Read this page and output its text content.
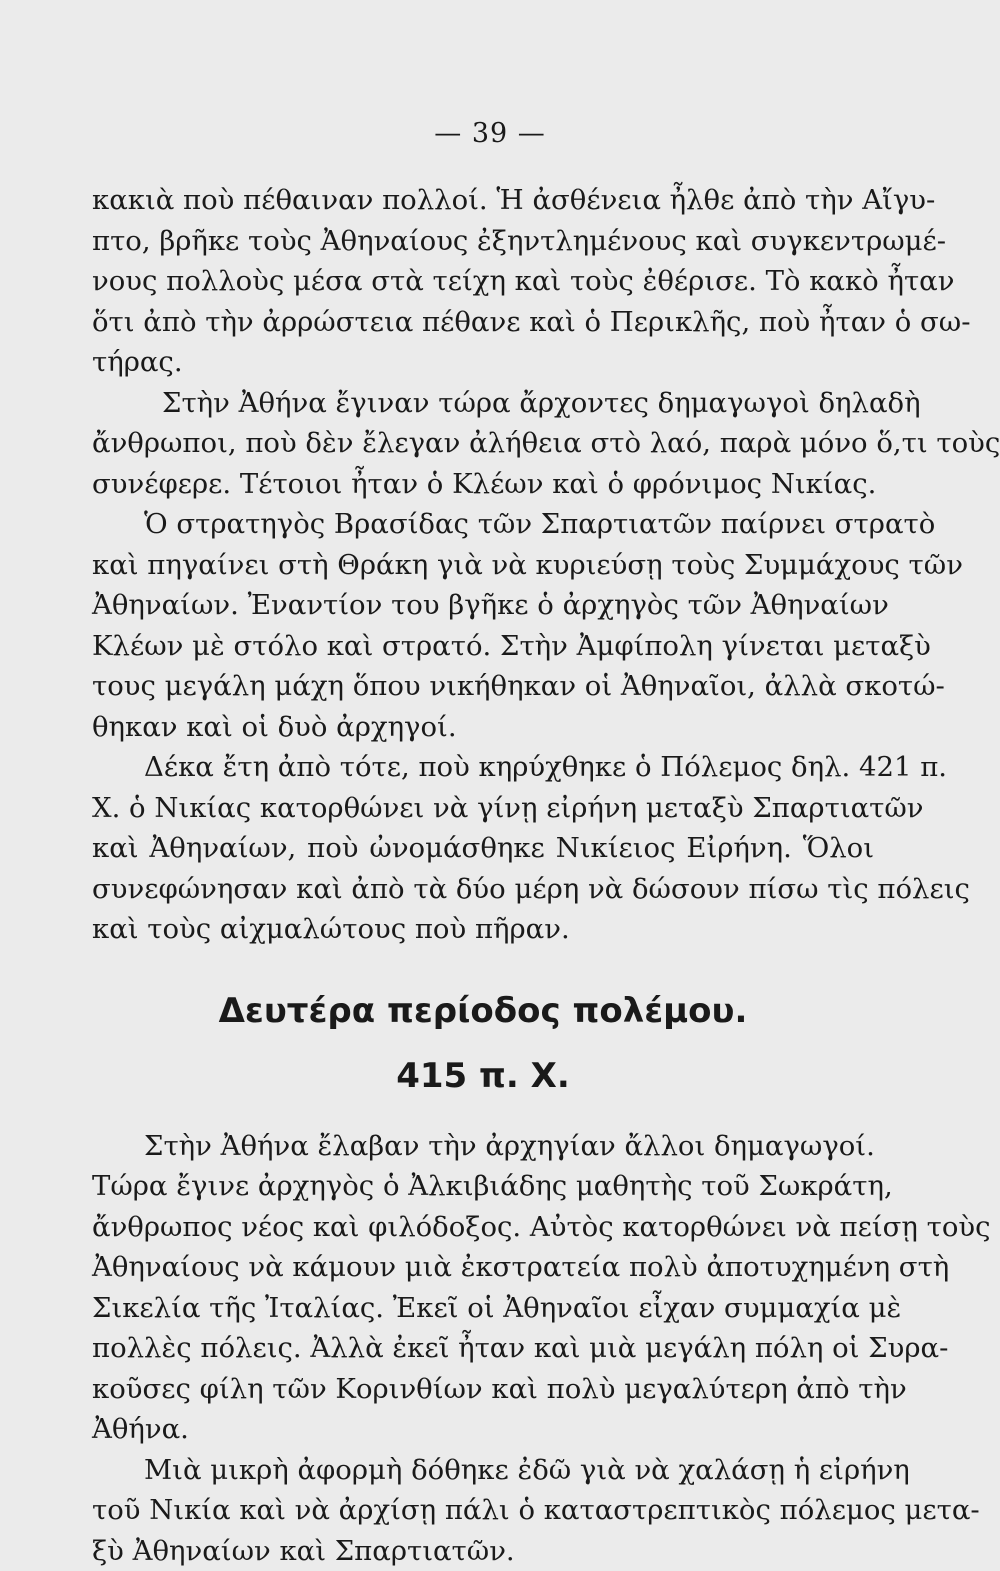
— 39 —
κακιὰ ποὺ πέθαιναν πολλοί. Ἡ ἀσθένεια ἦλθε ἀπὸ τὴν Αἴγυ-
πτο, βρῆκε τοὺς Ἀθηναίους ἐξηντλημένους καὶ συγκεντρωμέ-
νους πολλοὺς μέσα στὰ τείχη καὶ τοὺς ἐθέρισε. Τὸ κακὸ ἦταν
ὅτι ἀπὸ τὴν ἀρρώστεια πέθανε καὶ ὁ Περικλῆς, ποὺ ἦταν ὁ σω-
τήρας.
Στὴν Ἀθήνα ἔγιναν τώρα ἄρχοντες δημαγωγοὶ δηλαδὴ
ἄνθρωποι, ποὺ δὲν ἔλεγαν ἀλήθεια στὸ λαό, παρὰ μόνο ὅ,τι τοὺς
συνέφερε. Τέτοιοι ἦταν ὁ Κλέων καὶ ὁ φρόνιμος Νικίας.
Ὁ στρατηγὸς Βρασίδας τῶν Σπαρτιατῶν παίρνει στρατὸ
καὶ πηγαίνει στὴ Θράκη γιὰ νὰ κυριεύσῃ τοὺς Συμμάχους τῶν
Ἀθηναίων. Ἐναντίον του βγῆκε ὁ ἀρχηγὸς τῶν Ἀθηναίων
Κλέων μὲ στόλο καὶ στρατό. Στὴν Ἀμφίπολη γίνεται μεταξὺ
τους μεγάλη μάχη ὅπου νικήθηκαν οἱ Ἀθηναῖοι, ἀλλὰ σκοτώ-
θηκαν καὶ οἱ δυὸ ἀρχηγοί.
Δέκα ἔτη ἀπὸ τότε, ποὺ κηρύχθηκε ὁ Πόλεμος δηλ. 421 π.
Χ. ὁ Νικίας κατορθώνει νὰ γίνῃ εἰρήνη μεταξὺ Σπαρτιατῶν
καὶ Ἀθηναίων, ποὺ ὠνομάσθηκε Νικίειος Εἰρήνη. Ὅλοι
συνεφώνησαν καὶ ἀπὸ τὰ δύο μέρη νὰ δώσουν πίσω τὶς πόλεις
καὶ τοὺς αἰχμαλώτους ποὺ πῆραν.
Δευτέρα περίοδος πολέμου.
415 π. Χ.
Στὴν Ἀθήνα ἔλαβαν τὴν ἀρχηγίαν ἄλλοι δημαγωγοί.
Τώρα ἔγινε ἀρχηγὸς ὁ Ἀλκιβιάδης μαθητὴς τοῦ Σωκράτη,
ἄνθρωπος νέος καὶ φιλόδοξος. Αὐτὸς κατορθώνει νὰ πείσῃ τοὺς
Ἀθηναίους νὰ κάμουν μιὰ ἐκστρατεία πολὺ ἀποτυχημένη στὴ
Σικελία τῆς Ἰταλίας. Ἐκεῖ οἱ Ἀθηναῖοι εἶχαν συμμαχία μὲ
πολλὲς πόλεις. Ἀλλὰ ἐκεῖ ἦταν καὶ μιὰ μεγάλη πόλη οἱ Συρα-
κοῦσες φίλη τῶν Κορινθίων καὶ πολὺ μεγαλύτερη ἀπὸ τὴν
Ἀθήνα.
Μιὰ μικρὴ ἀφορμὴ δόθηκε ἐδῶ γιὰ νὰ χαλάσῃ ἡ εἰρήνη
τοῦ Νικία καὶ νὰ ἀρχίσῃ πάλι ὁ καταστρεπτικὸς πόλεμος μετα-
ξὺ Ἀθηναίων καὶ Σπαρτιατῶν.
